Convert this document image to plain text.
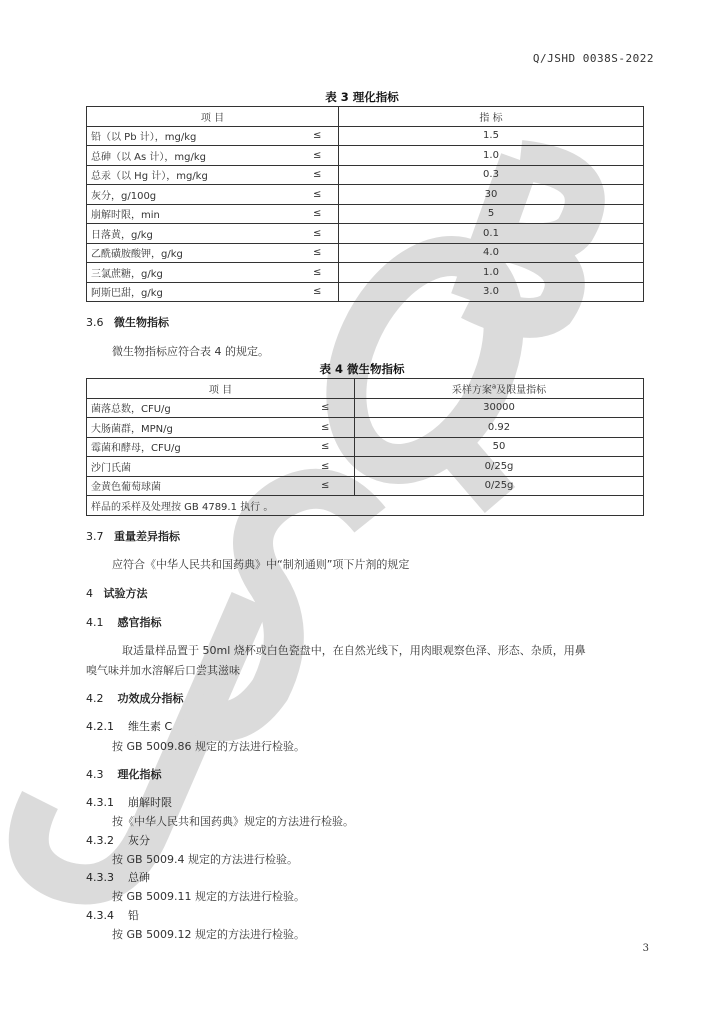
Q/JSHD 0038S-2022
表 3 理化指标
项 目		指 标
铅（以 Pb 计），mg/kg	≤	1.5
总砷（以 As 计），mg/kg	≤	1.0
总汞（以 Hg 计），mg/kg	≤	0.3
灰分，g/100g	≤	30
崩解时限，min	≤	5
日落黄，g/kg	≤	0.1
乙酰磺胺酸钾，g/kg	≤	4.0
三氯蔗糖，g/kg	≤	1.0
阿斯巴甜，g/kg	≤	3.0
3.6 微生物指标
微生物指标应符合表 4 的规定。
表 4 微生物指标
项 目		采样方案$^a$及限量指标
菌落总数，CFU/g	≤	30000
大肠菌群，MPN/g	≤	0.92
霉菌和酵母，CFU/g	≤	50
沙门氏菌	≤	0/25g
金黄色葡萄球菌	≤	0/25g
样品的采样及处理按 GB 4789.1 执行 。		
3.7 重量差异指标
应符合《中华人民共和国药典》中“制剂通则”项下片剂的规定
4 试验方法
4.1 感官指标
取适量样品置于 50ml 烧杯或白色瓷盘中，在自然光线下，用肉眼观察色泽、形态、杂质，用鼻
嗅气味并加水溶解后口尝其滋味
4.2 功效成分指标
4.2.1 维生素 C
按 GB 5009.86 规定的方法进行检验。
4.3 理化指标
4.3.1 崩解时限
按《中华人民共和国药典》规定的方法进行检验。
4.3.2 灰分
按 GB 5009.4 规定的方法进行检验。
4.3.3 总砷
按 GB 5009.11 规定的方法进行检验。
4.3.4 铅
按 GB 5009.12 规定的方法进行检验。
3
